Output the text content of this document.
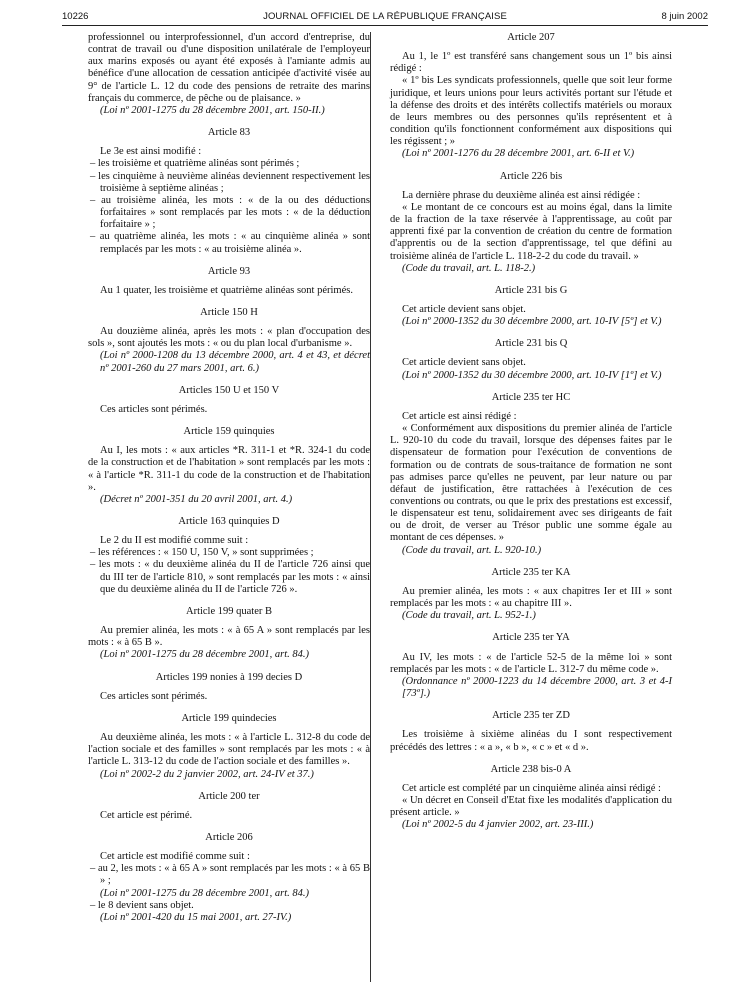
10226	JOURNAL OFFICIEL DE LA RÉPUBLIQUE FRANÇAISE	8 juin 2002

professionnel ou interprofessionnel, d'un accord d'entreprise, du contrat de travail ou d'une disposition unilatérale de l'employeur aux marins exposés ou ayant été exposés à l'amiante admis au bénéfice d'une allocation de cessation anticipée d'activité visée au 9° de l'article L. 12 du code des pensions de retraite des marins français du commerce, de pêche ou de plaisance. »

(Loi nº 2001-1275 du 28 décembre 2001, art. 150-II.)

Article 83

Le 3e est ainsi modifié :

– les troisième et quatrième alinéas sont périmés ;

– les cinquième à neuvième alinéas deviennent respectivement les troisième à septième alinéas ;

– au troisième alinéa, les mots : « de la ou des déductions forfaitaires » sont remplacés par les mots : « de la déduction forfaitaire » ;

– au quatrième alinéa, les mots : « au cinquième alinéa » sont remplacés par les mots : « au troisième alinéa ».

Article 93

Au 1 quater, les troisième et quatrième alinéas sont périmés.

Article 150 H

Au douzième alinéa, après les mots : « plan d'occupation des sols », sont ajoutés les mots : « ou du plan local d'urbanisme ».

(Loi nº 2000-1208 du 13 décembre 2000, art. 4 et 43, et décret nº 2001-260 du 27 mars 2001, art. 6.)

Articles 150 U et 150 V

Ces articles sont périmés.

Article 159 quinquies

Au I, les mots : « aux articles *R. 311-1 et *R. 324-1 du code de la construction et de l'habitation » sont remplacés par les mots : « à l'article *R. 311-1 du code de la construction et de l'habitation ».

(Décret nº 2001-351 du 20 avril 2001, art. 4.)

Article 163 quinquies D

Le 2 du II est modifié comme suit :

– les références : « 150 U, 150 V, » sont supprimées ;

– les mots : « du deuxième alinéa du II de l'article 726 ainsi que du III ter de l'article 810, » sont remplacés par les mots : « ainsi que du deuxième alinéa du II de l'article 726 ».

Article 199 quater B

Au premier alinéa, les mots : « à 65 A » sont remplacés par les mots : « à 65 B ».

(Loi nº 2001-1275 du 28 décembre 2001, art. 84.)

Articles 199 nonies à 199 decies D

Ces articles sont périmés.

Article 199 quindecies

Au deuxième alinéa, les mots : « à l'article L. 312-8 du code de l'action sociale et des familles » sont remplacés par les mots : « à l'article L. 313-12 du code de l'action sociale et des familles ».

(Loi nº 2002-2 du 2 janvier 2002, art. 24-IV et 37.)

Article 200 ter

Cet article est périmé.

Article 206

Cet article est modifié comme suit :

– au 2, les mots : « à 65 A » sont remplacés par les mots : « à 65 B » ;

(Loi nº 2001-1275 du 28 décembre 2001, art. 84.)

– le 8 devient sans objet.

(Loi nº 2001-420 du 15 mai 2001, art. 27-IV.)

Article 207

Au 1, le 1º est transféré sans changement sous un 1º bis ainsi rédigé :

« 1º bis Les syndicats professionnels, quelle que soit leur forme juridique, et leurs unions pour leurs activités portant sur l'étude et la défense des droits et des intérêts collectifs matériels ou moraux de leurs membres ou des personnes qu'ils représentent et à condition qu'ils fonctionnent conformément aux dispositions qui les régissent ; »

(Loi nº 2001-1276 du 28 décembre 2001, art. 6-II et V.)

Article 226 bis

La dernière phrase du deuxième alinéa est ainsi rédigée :

« Le montant de ce concours est au moins égal, dans la limite de la fraction de la taxe réservée à l'apprentissage, au coût par apprenti fixé par la convention de création du centre de formation d'apprentis ou de la section d'apprentissage, tel que défini au troisième alinéa de l'article L. 118-2-2 du code du travail. »

(Code du travail, art. L. 118-2.)

Article 231 bis G

Cet article devient sans objet.

(Loi nº 2000-1352 du 30 décembre 2000, art. 10-IV [5º] et V.)

Article 231 bis Q

Cet article devient sans objet.

(Loi nº 2000-1352 du 30 décembre 2000, art. 10-IV [1º] et V.)

Article 235 ter HC

Cet article est ainsi rédigé :

« Conformément aux dispositions du premier alinéa de l'article L. 920-10 du code du travail, lorsque des dépenses faites par le dispensateur de formation pour l'exécution de conventions de formation ou de contrats de sous-traitance de formation ne sont pas admises parce qu'elles ne peuvent, par leur nature ou par défaut de justification, être rattachées à l'exécution de ces conventions ou contrats, ou que le prix des prestations est excessif, le dispensateur est tenu, solidairement avec ses dirigeants de fait ou de droit, de verser au Trésor public une somme égale au montant de ces dépenses. »

(Code du travail, art. L. 920-10.)

Article 235 ter KA

Au premier alinéa, les mots : « aux chapitres Ier et III » sont remplacés par les mots : « au chapitre III ».

(Code du travail, art. L. 952-1.)

Article 235 ter YA

Au IV, les mots : « de l'article 52-5 de la même loi » sont remplacés par les mots : « de l'article L. 312-7 du même code ».

(Ordonnance nº 2000-1223 du 14 décembre 2000, art. 3 et 4-I [73º].)

Article 235 ter ZD

Les troisième à sixième alinéas du I sont respectivement précédés des lettres : « a », « b », « c » et « d ».

Article 238 bis-0 A

Cet article est complété par un cinquième alinéa ainsi rédigé :

« Un décret en Conseil d'Etat fixe les modalités d'application du présent article. »

(Loi nº 2002-5 du 4 janvier 2002, art. 23-III.)
